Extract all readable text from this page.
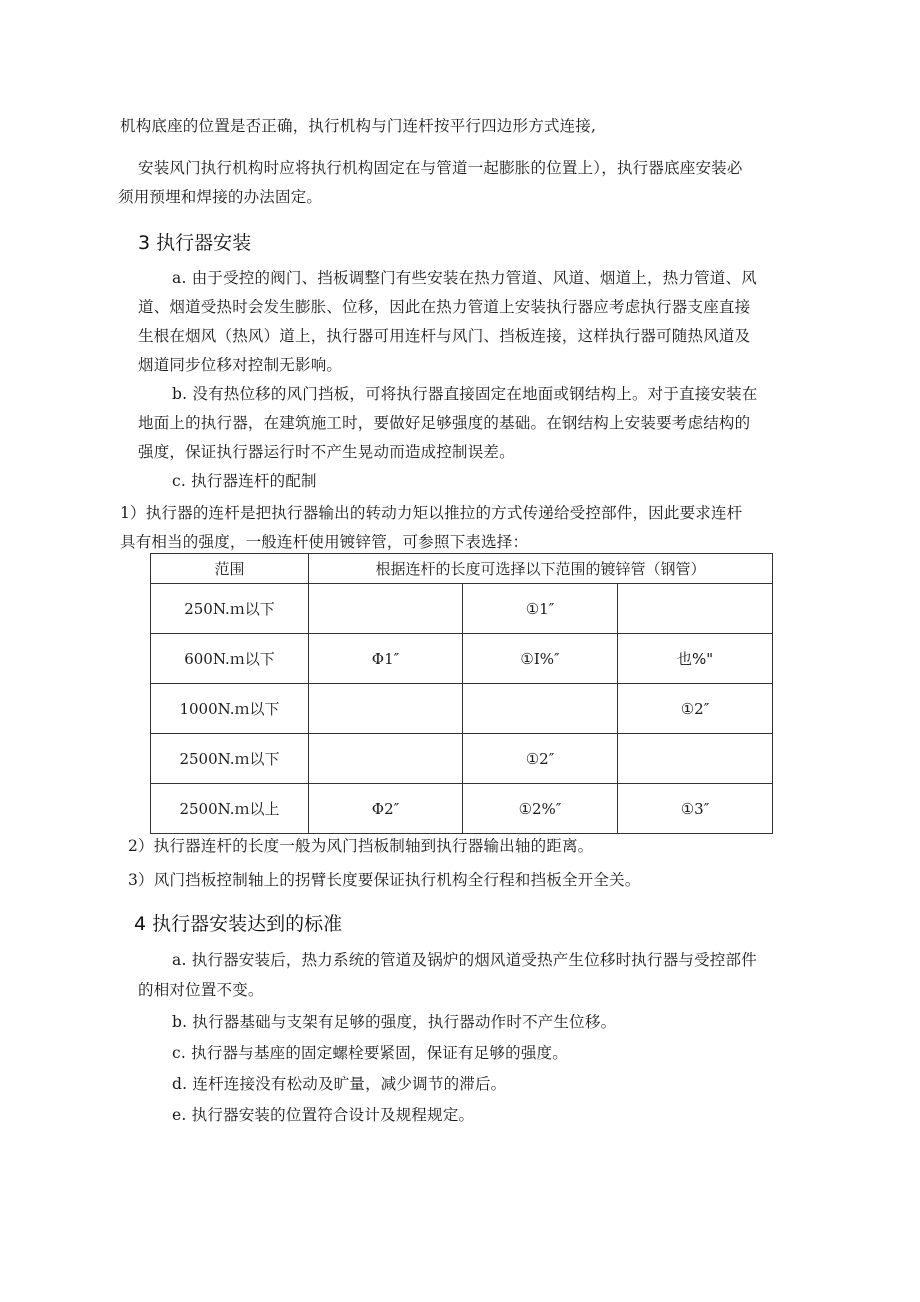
机构底座的位置是否正确，执行机构与门连杆按平行四边形方式连接,

安装风门执行机构时应将执行机构固定在与管道一起膨胀的位置上），执行器底座安装必

须用预埋和焊接的办法固定。

3 执行器安装

a. 由于受控的阀门、挡板调整门有些安装在热力管道、风道、烟道上，热力管道、风

道、烟道受热时会发生膨胀、位移，因此在热力管道上安装执行器应考虑执行器支座直接

生根在烟风（热风）道上，执行器可用连杆与风门、挡板连接，这样执行器可随热风道及

烟道同步位移对控制无影响。

b. 没有热位移的风门挡板，可将执行器直接固定在地面或钢结构上。对于直接安装在

地面上的执行器，在建筑施工时，要做好足够强度的基础。在钢结构上安装要考虑结构的

强度，保证执行器运行时不产生晃动而造成控制误差。

c. 执行器连杆的配制

1）执行器的连杆是把执行器输出的转动力矩以推拉的方式传递给受控部件，因此要求连杆

具有相当的强度，一般连杆使用镀锌管，可参照下表选择：

范围	根据连杆的长度可选择以下范围的镀锌管（钢管）		
250N.ｍ以下		①1″	
600N.ｍ以下	Φ1″	①I%″	也%"
1000N.ｍ以下			①2″
2500N.ｍ以下		①2″	
2500N.ｍ以上	Φ2″	①2%″	①3″

2）执行器连杆的长度一般为风门挡板制轴到执行器输出轴的距离。

3）风门挡板控制轴上的拐臂长度要保证执行机构全行程和挡板全开全关。

4 执行器安装达到的标准

a. 执行器安装后，热力系统的管道及锅炉的烟风道受热产生位移时执行器与受控部件

的相对位置不变。

b. 执行器基础与支架有足够的强度，执行器动作时不产生位移。

c. 执行器与基座的固定螺栓要紧固，保证有足够的强度。

d. 连杆连接没有松动及旷量，减少调节的滞后。

e. 执行器安装的位置符合设计及规程规定。
